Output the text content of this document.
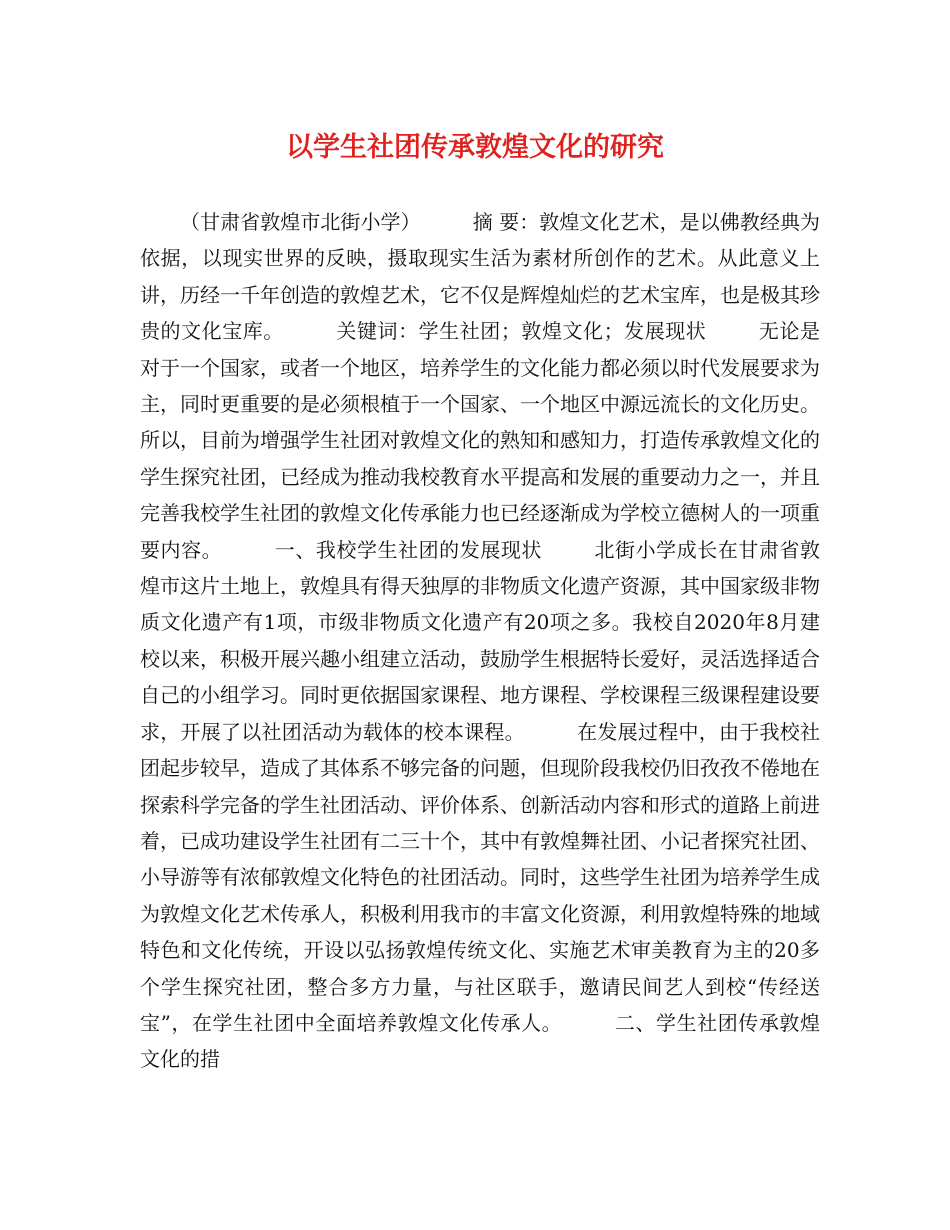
以学生社团传承敦煌文化的研究

（甘肃省敦煌市北街小学）	摘 要：敦煌文化艺术，是以佛教经典为依据，以现实世界的反映，摄取现实生活为素材所创作的艺术。从此意义上讲，历经一千年创造的敦煌艺术，它不仅是辉煌灿烂的艺术宝库，也是极其珍贵的文化宝库。	关键词：学生社团；敦煌文化；发展现状	无论是对于一个国家，或者一个地区，培养学生的文化能力都必须以时代发展要求为主，同时更重要的是必须根植于一个国家、一个地区中源远流长的文化历史。所以，目前为增强学生社团对敦煌文化的熟知和感知力，打造传承敦煌文化的学生探究社团，已经成为推动我校教育水平提高和发展的重要动力之一，并且完善我校学生社团的敦煌文化传承能力也已经逐渐成为学校立德树人的一项重要内容。	一、我校学生社团的发展现状	北街小学成长在甘肃省敦煌市这片土地上，敦煌具有得天独厚的非物质文化遗产资源，其中国家级非物质文化遗产有1项，市级非物质文化遗产有20项之多。我校自2020年8月建校以来，积极开展兴趣小组建立活动，鼓励学生根据特长爱好，灵活选择适合自己的小组学习。同时更依据国家课程、地方课程、学校课程三级课程建设要求，开展了以社团活动为载体的校本课程。	在发展过程中，由于我校社团起步较早，造成了其体系不够完备的问题，但现阶段我校仍旧孜孜不倦地在探索科学完备的学生社团活动、评价体系、创新活动内容和形式的道路上前进着，已成功建设学生社团有二三十个，其中有敦煌舞社团、小记者探究社团、小导游等有浓郁敦煌文化特色的社团活动。同时，这些学生社团为培养学生成为敦煌文化艺术传承人，积极利用我市的丰富文化资源，利用敦煌特殊的地域特色和文化传统，开设以弘扬敦煌传统文化、实施艺术审美教育为主的20多个学生探究社团，整合多方力量，与社区联手，邀请民间艺人到校“传经送宝”，在学生社团中全面培养敦煌文化传承人。	二、学生社团传承敦煌文化的措
